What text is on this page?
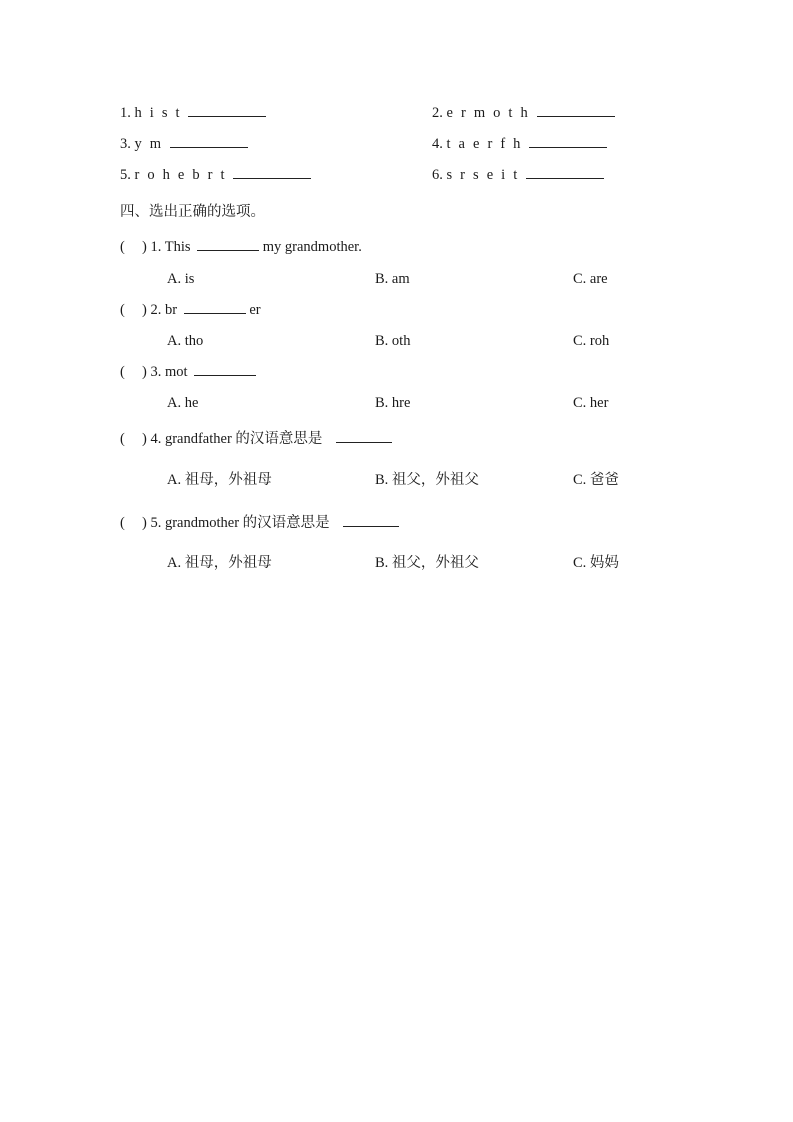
1. h i s t	2. e r m o t h
3. y m	4. t a e r f h
5. r o h e b r t	6. s r s e i t
四、选出正确的选项。
( ) 1. This	my grandmother.
A. is	B. am	C. are
( ) 2. br	er
A. tho	B. oth	C. roh
( ) 3. mot
A. he	B. hre	C. her
( ) 4. grandfather 的汉语意思是
A. 祖母，外祖母	B. 祖父，外祖父	C. 爸爸
( ) 5. grandmother 的汉语意思是
A. 祖母，外祖母	B. 祖父，外祖父	C. 妈妈
